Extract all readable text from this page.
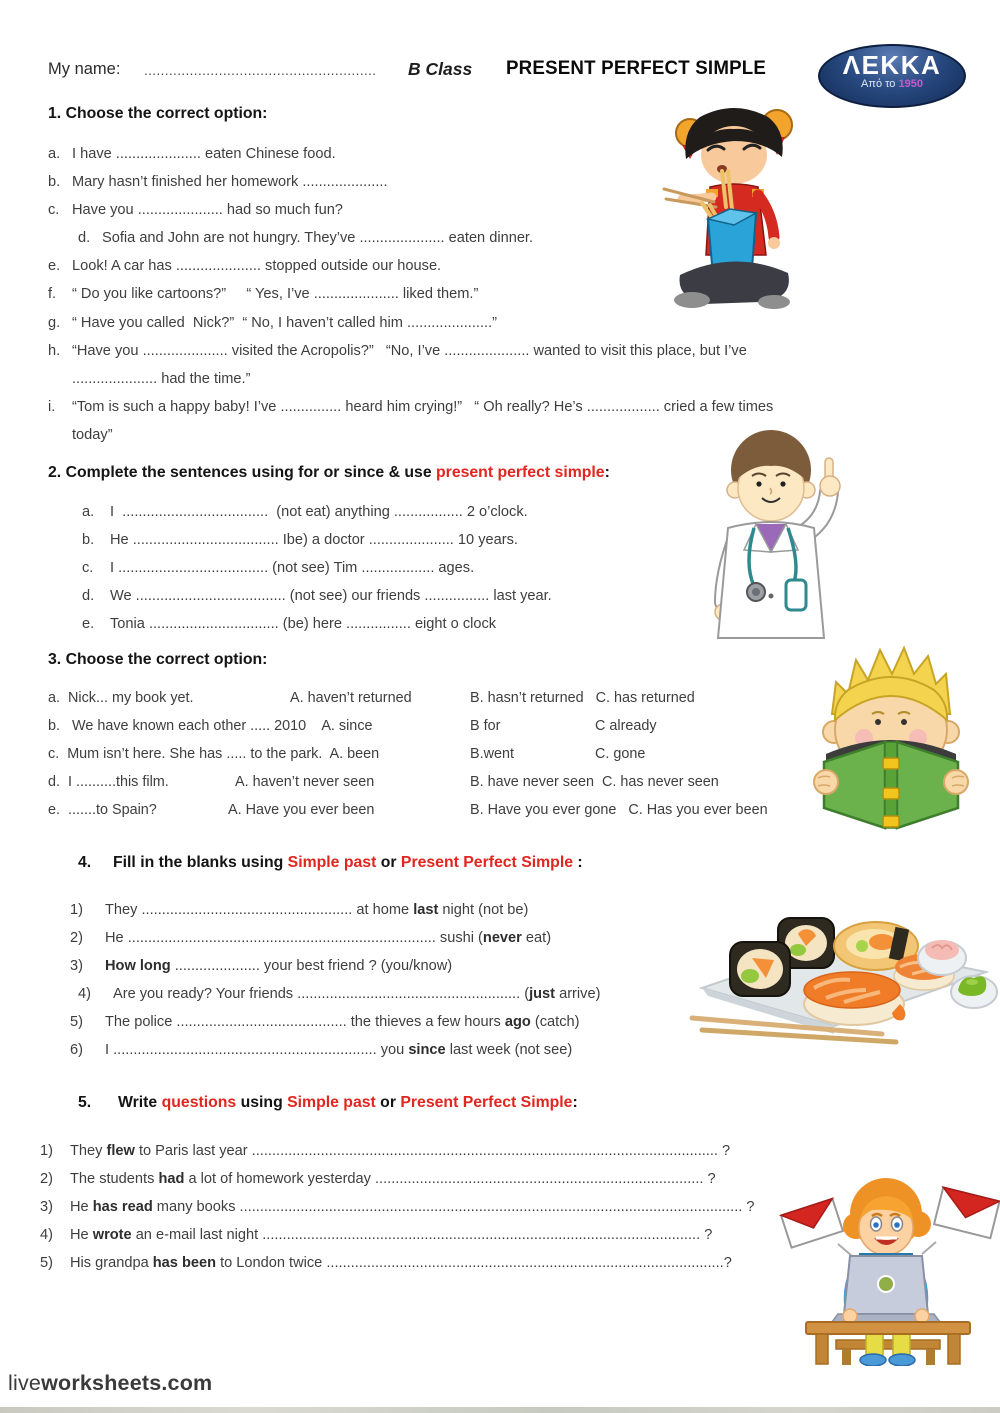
My name: ........................................................ B Class PRESENT PERFECT SIMPLE	ΛΕΚΚΑ
Από το 1950
1. Choose the correct option:
a. I have ..................... eaten Chinese food.
b. Mary hasn’t finished her homework .....................
c. Have you ..................... had so much fun?
d. Sofia and John are not hungry. They’ve ..................... eaten dinner.
e. Look! A car has ..................... stopped outside our house.
f.	“ Do you like cartoons?”     “ Yes, I’ve ..................... liked them.”
g. “ Have you called  Nick?”  “ No, I haven’t called him .....................”
h. “Have you ..................... visited the Acropolis?”   “No, I’ve ..................... wanted to visit this place, but I’ve
..................... had the time.”
i.	“Tom is such a happy baby! I’ve ............... heard him crying!”   “ Oh really? He’s .................. cried a few times
today”
2. Complete the sentences using for or since & use present perfect simple:
a.	I  ....................................  (not eat) anything ................. 2 o’clock.
b.	He .................................... Ibe) a doctor ..................... 10 years.
c.	I ..................................... (not see) Tim .................. ages.
d.	We ..................................... (not see) our friends ................ last year.
e.	Tonia ................................ (be) here ................ eight o clock
3. Choose the correct option:
a.  Nick... my book yet.	A. haven’t returned	B. hasn’t returned   C. has returned
b.   We have known each other ..... 2010    A. since	B for	C already
c.  Mum isn’t here. She has ..... to the park.  A. been	B.went	C. gone
d.  I ..........this film.	A. haven’t never seen	B. have never seen  C. has never seen
e.  .......to Spain?	A. Have you ever been	B. Have you ever gone   C. Has you ever been
4. Fill in the blanks using Simple past or Present Perfect Simple :
1)	They .................................................... at home last night (not be)
2)	He ............................................................................ sushi ( never eat)
3)	How long ..................... your best friend ? (you/know)
4)	Are you ready? Your friends ....................................................... ( just arrive)
5)	The police .......................................... the thieves a few hours ago (catch)
6)	I ................................................................. you since last week (not see)
5. Write questions using Simple past or Present Perfect Simple:
1)	They flew to Paris last year ................................................................................................................... ?
2)	The students had a lot of homework yesterday ................................................................................. ?
3)	He has read many books ............................................................................................................................ ?
4)	He wrote an e-mail last night ............................................................................................................ ?
5)	His grandpa has been to London twice ..................................................................................................?
liveworksheets.com
